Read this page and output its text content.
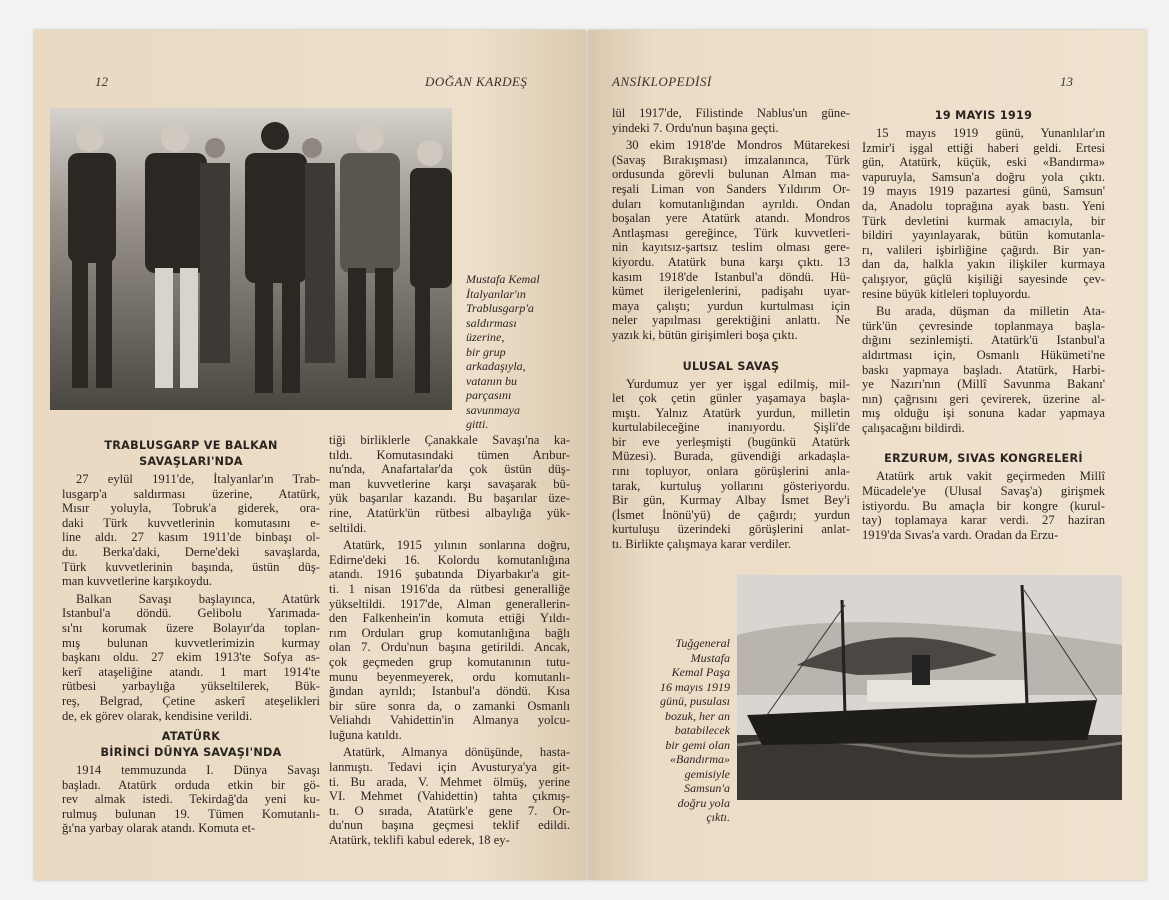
12	DOĞAN KARDEŞ	ANSİKLOPEDİSİ	13
Mustafa Kemal
İtalyanlar'ın
Trablusgarp'a
saldırması
üzerine,
bir grup
arkadaşıyla,
vatanın bu
parçasını
savunmaya
gitti.
Tuğgeneral
Mustafa
Kemal Paşa
16 mayıs 1919
günü, pusulası
bozuk, her an
batabilecek
bir gemi olan
«Bandırma»
gemisiyle
Samsun'a
doğru yola
çıktı.
TRABLUSGARP VE BALKAN
SAVAŞLARI'NDA
27 eylül 1911'de, İtalyanlar'ın Trab-
lusgarp'a saldırması üzerine, Atatürk,
Mısır yoluyla, Tobruk'a giderek, ora-
daki Türk kuvvetlerinin komutasını e-
line aldı. 27 kasım 1911'de binbaşı ol-
du. Berka'daki, Derne'deki savaşlarda,
Türk kuvvetlerinin başında, üstün düş-
man kuvvetlerine karşıkoydu.
Balkan Savaşı başlayınca, Atatürk
Istanbul'a döndü. Gelibolu Yarımada-
sı'nı korumak üzere Bolayır'da toplan-
mış bulunan kuvvetlerimizin kurmay
başkanı oldu. 27 ekim 1913'te Sofya as-
kerî ataşeliğine atandı. 1 mart 1914'te
rütbesi yarbaylığa yükseltilerek, Bük-
reş, Belgrad, Çetine askerî ateşelikleri
de, ek görev olarak, kendisine verildi.
ATATÜRK
BİRİNCİ DÜNYA SAVAŞI'NDA
1914 temmuzunda I. Dünya Savaşı
başladı. Atatürk orduda etkin bir gö-
rev almak istedi. Tekirdağ'da yeni ku-
rulmuş bulunan 19. Tümen Komutanlı-
ğı'na yarbay olarak atandı. Komuta et-
tiği birliklerle Çanakkale Savaşı'na ka-
tıldı. Komutasındaki tümen Arıbur-
nu'nda, Anafartalar'da çok üstün düş-
man kuvvetlerine karşı savaşarak bü-
yük başarılar kazandı. Bu başarılar üze-
rine, Atatürk'ün rütbesi albaylığa yük-
seltildi.
Atatürk, 1915 yılının sonlarına doğru,
Edirne'deki 16. Kolordu komutanlığına
atandı. 1916 şubatında Diyarbakır'a git-
ti. 1 nisan 1916'da da rütbesi generalliğe
yükseltildi. 1917'de, Alman generallerin-
den Falkenhein'in komuta ettiği Yıldı-
rım Orduları grup komutanlığına bağlı
olan 7. Ordu'nun başına getirildi. Ancak,
çok geçmeden grup komutanının tutu-
munu beyenmeyerek, ordu komutanlı-
ğından ayrıldı; Istanbul'a döndü. Kısa
bir süre sonra da, o zamanki Osmanlı
Veliahdı Vahidettin'in Almanya yolcu-
luğuna katıldı.
Atatürk, Almanya dönüşünde, hasta-
lanmıştı. Tedavi için Avusturya'ya git-
ti. Bu arada, V. Mehmet ölmüş, yerine
VI. Mehmet (Vahidettin) tahta çıkmış-
tı. O sırada, Atatürk'e gene 7. Or-
du'nun başına geçmesi teklif edildi.
Atatürk, teklifi kabul ederek, 18 ey-
lül 1917'de, Filistinde Nablus'un güne-
yindeki 7. Ordu'nun başına geçti.
30 ekim 1918'de Mondros Mütarekesi
(Savaş Bırakışması) imzalanınca, Türk
ordusunda görevli bulunan Alman ma-
reşali Liman von Sanders Yıldırım Or-
duları komutanlığından ayrıldı. Ondan
boşalan yere Atatürk atandı. Mondros
Antlaşması gereğince, Türk kuvvetleri-
nin kayıtsız-şartsız teslim olması gere-
kiyordu. Atatürk buna karşı çıktı. 13
kasım 1918'de Istanbul'a döndü. Hü-
kümet ilerigelenlerini, padişahı uyar-
maya çalıştı; yurdun kurtulması için
neler yapılması gerektiğini anlattı. Ne
yazık ki, bütün girişimleri boşa çıktı.
ULUSAL SAVAŞ
Yurdumuz yer yer işgal edilmiş, mil-
let çok çetin günler yaşamaya başla-
mıştı. Yalnız Atatürk yurdun, milletin
kurtulabileceğine inanıyordu. Şişli'de
bir eve yerleşmişti (bugünkü Atatürk
Müzesi). Burada, güvendiği arkadaşla-
rını topluyor, onlara görüşlerini anla-
tarak, kurtuluş yollarını gösteriyordu.
Bir gün, Kurmay Albay İsmet Bey'i
(İsmet İnönü'yü) de çağırdı; yurdun
kurtuluşu üzerindeki görüşlerini anlat-
tı. Birlikte çalışmaya karar verdiler.
19 MAYIS 1919
15 mayıs 1919 günü, Yunanlılar'ın
İzmir'i işgal ettiği haberi geldi. Ertesi
gün, Atatürk, küçük, eski «Bandırma»
vapuruyla, Samsun'a doğru yola çıktı.
19 mayıs 1919 pazartesi günü, Samsun'
da, Anadolu toprağına ayak bastı. Yeni
Türk devletini kurmak amacıyla, bir
bildiri yayınlayarak, bütün komutanla-
rı, valileri işbirliğine çağırdı. Bir yan-
dan da, halkla yakın ilişkiler kurmaya
çalışıyor, güçlü kişiliği sayesinde çev-
resine büyük kitleleri topluyordu.
Bu arada, düşman da milletin Ata-
türk'ün çevresinde toplanmaya başla-
dığını sezinlemişti. Atatürk'ü Istanbul'a
aldırtması için, Osmanlı Hükümeti'ne
baskı yapmaya başladı. Atatürk, Harbi-
ye Nazırı'nın (Millî Savunma Bakanı'
nın) çağrısını geri çevirerek, üzerine al-
mış olduğu işi sonuna kadar yapmaya
çalışacağını bildirdi.
ERZURUM, SIVAS KONGRELERİ
Atatürk artık vakit geçirmeden Millî
Mücadele'ye (Ulusal Savaş'a) girişmek
istiyordu. Bu amaçla bir kongre (kurul-
tay) toplamaya karar verdi. 27 haziran
1919'da Sıvas'a vardı. Oradan da Erzu-
